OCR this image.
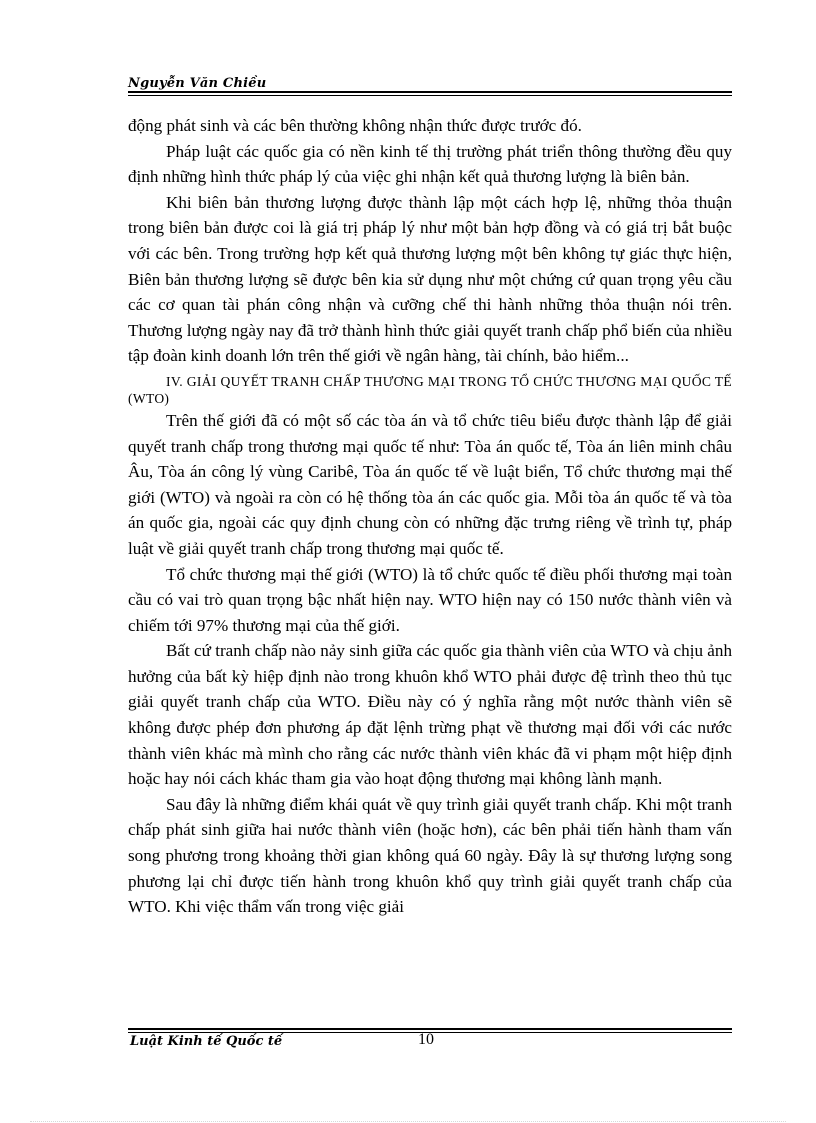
Nguyễn Văn Chiều

động phát sinh và các bên thường không nhận thức được trước đó.

Pháp luật các quốc gia có nền kinh tế thị trường phát triển thông thường đều quy định những hình thức pháp lý của việc ghi nhận kết quả thương lượng là biên bản.

Khi biên bản thương lượng được thành lập một cách hợp lệ, những thỏa thuận trong biên bản được coi là giá trị pháp lý như một bản hợp đồng và có giá trị bắt buộc với các bên. Trong trường hợp kết quả thương lượng một bên không tự giác thực hiện, Biên bản thương lượng sẽ được bên kia sử dụng như một chứng cứ quan trọng yêu cầu các cơ quan tài phán công nhận và cưỡng chế thi hành những thỏa thuận nói trên. Thương lượng ngày nay đã trở thành hình thức giải quyết tranh chấp phổ biến của nhiều tập đoàn kinh doanh lớn trên thế giới về ngân hàng, tài chính, bảo hiểm...

IV. GIẢI QUYẾT TRANH CHẤP THƯƠNG MẠI TRONG TỔ CHỨC THƯƠNG MẠI QUỐC TẾ (WTO)

Trên thế giới đã có một số các tòa án và tổ chức tiêu biểu được thành lập để giải quyết tranh chấp trong thương mại quốc tế như: Tòa án quốc tế, Tòa án liên minh châu Âu, Tòa án công lý vùng Caribê, Tòa án quốc tế về luật biển, Tổ chức thương mại thế giới (WTO) và ngoài ra còn có hệ thống tòa án các quốc gia. Mỗi tòa án quốc tế và tòa án quốc gia, ngoài các quy định chung còn có những đặc trưng riêng về trình tự, pháp luật về giải quyết tranh chấp trong thương mại quốc tế.

Tổ chức thương mại thế giới (WTO) là tổ chức quốc tế điều phối thương mại toàn cầu có vai trò quan trọng bậc nhất hiện nay. WTO hiện nay có 150 nước thành viên và chiếm tới 97% thương mại của thế giới.

Bất cứ tranh chấp nào nảy sinh giữa các quốc gia thành viên của WTO và chịu ảnh hưởng của bất kỳ hiệp định nào trong khuôn khổ WTO phải được đệ trình theo thủ tục giải quyết tranh chấp của WTO. Điều này có ý nghĩa rằng một nước thành viên sẽ không được phép đơn phương áp đặt lệnh trừng phạt về thương mại đối với các nước thành viên khác mà mình cho rằng các nước thành viên khác đã vi phạm một hiệp định hoặc hay nói cách khác tham gia vào hoạt động thương mại không lành mạnh.

Sau đây là những điểm khái quát về quy trình giải quyết tranh chấp. Khi một tranh chấp phát sinh giữa hai nước thành viên (hoặc hơn), các bên phải tiến hành tham vấn song phương trong khoảng thời gian không quá 60 ngày. Đây là sự thương lượng song phương lại chỉ được tiến hành trong khuôn khổ quy trình giải quyết tranh chấp của WTO. Khi việc thẩm vấn trong việc giải

Luật Kinh tế Quốc tế	10
